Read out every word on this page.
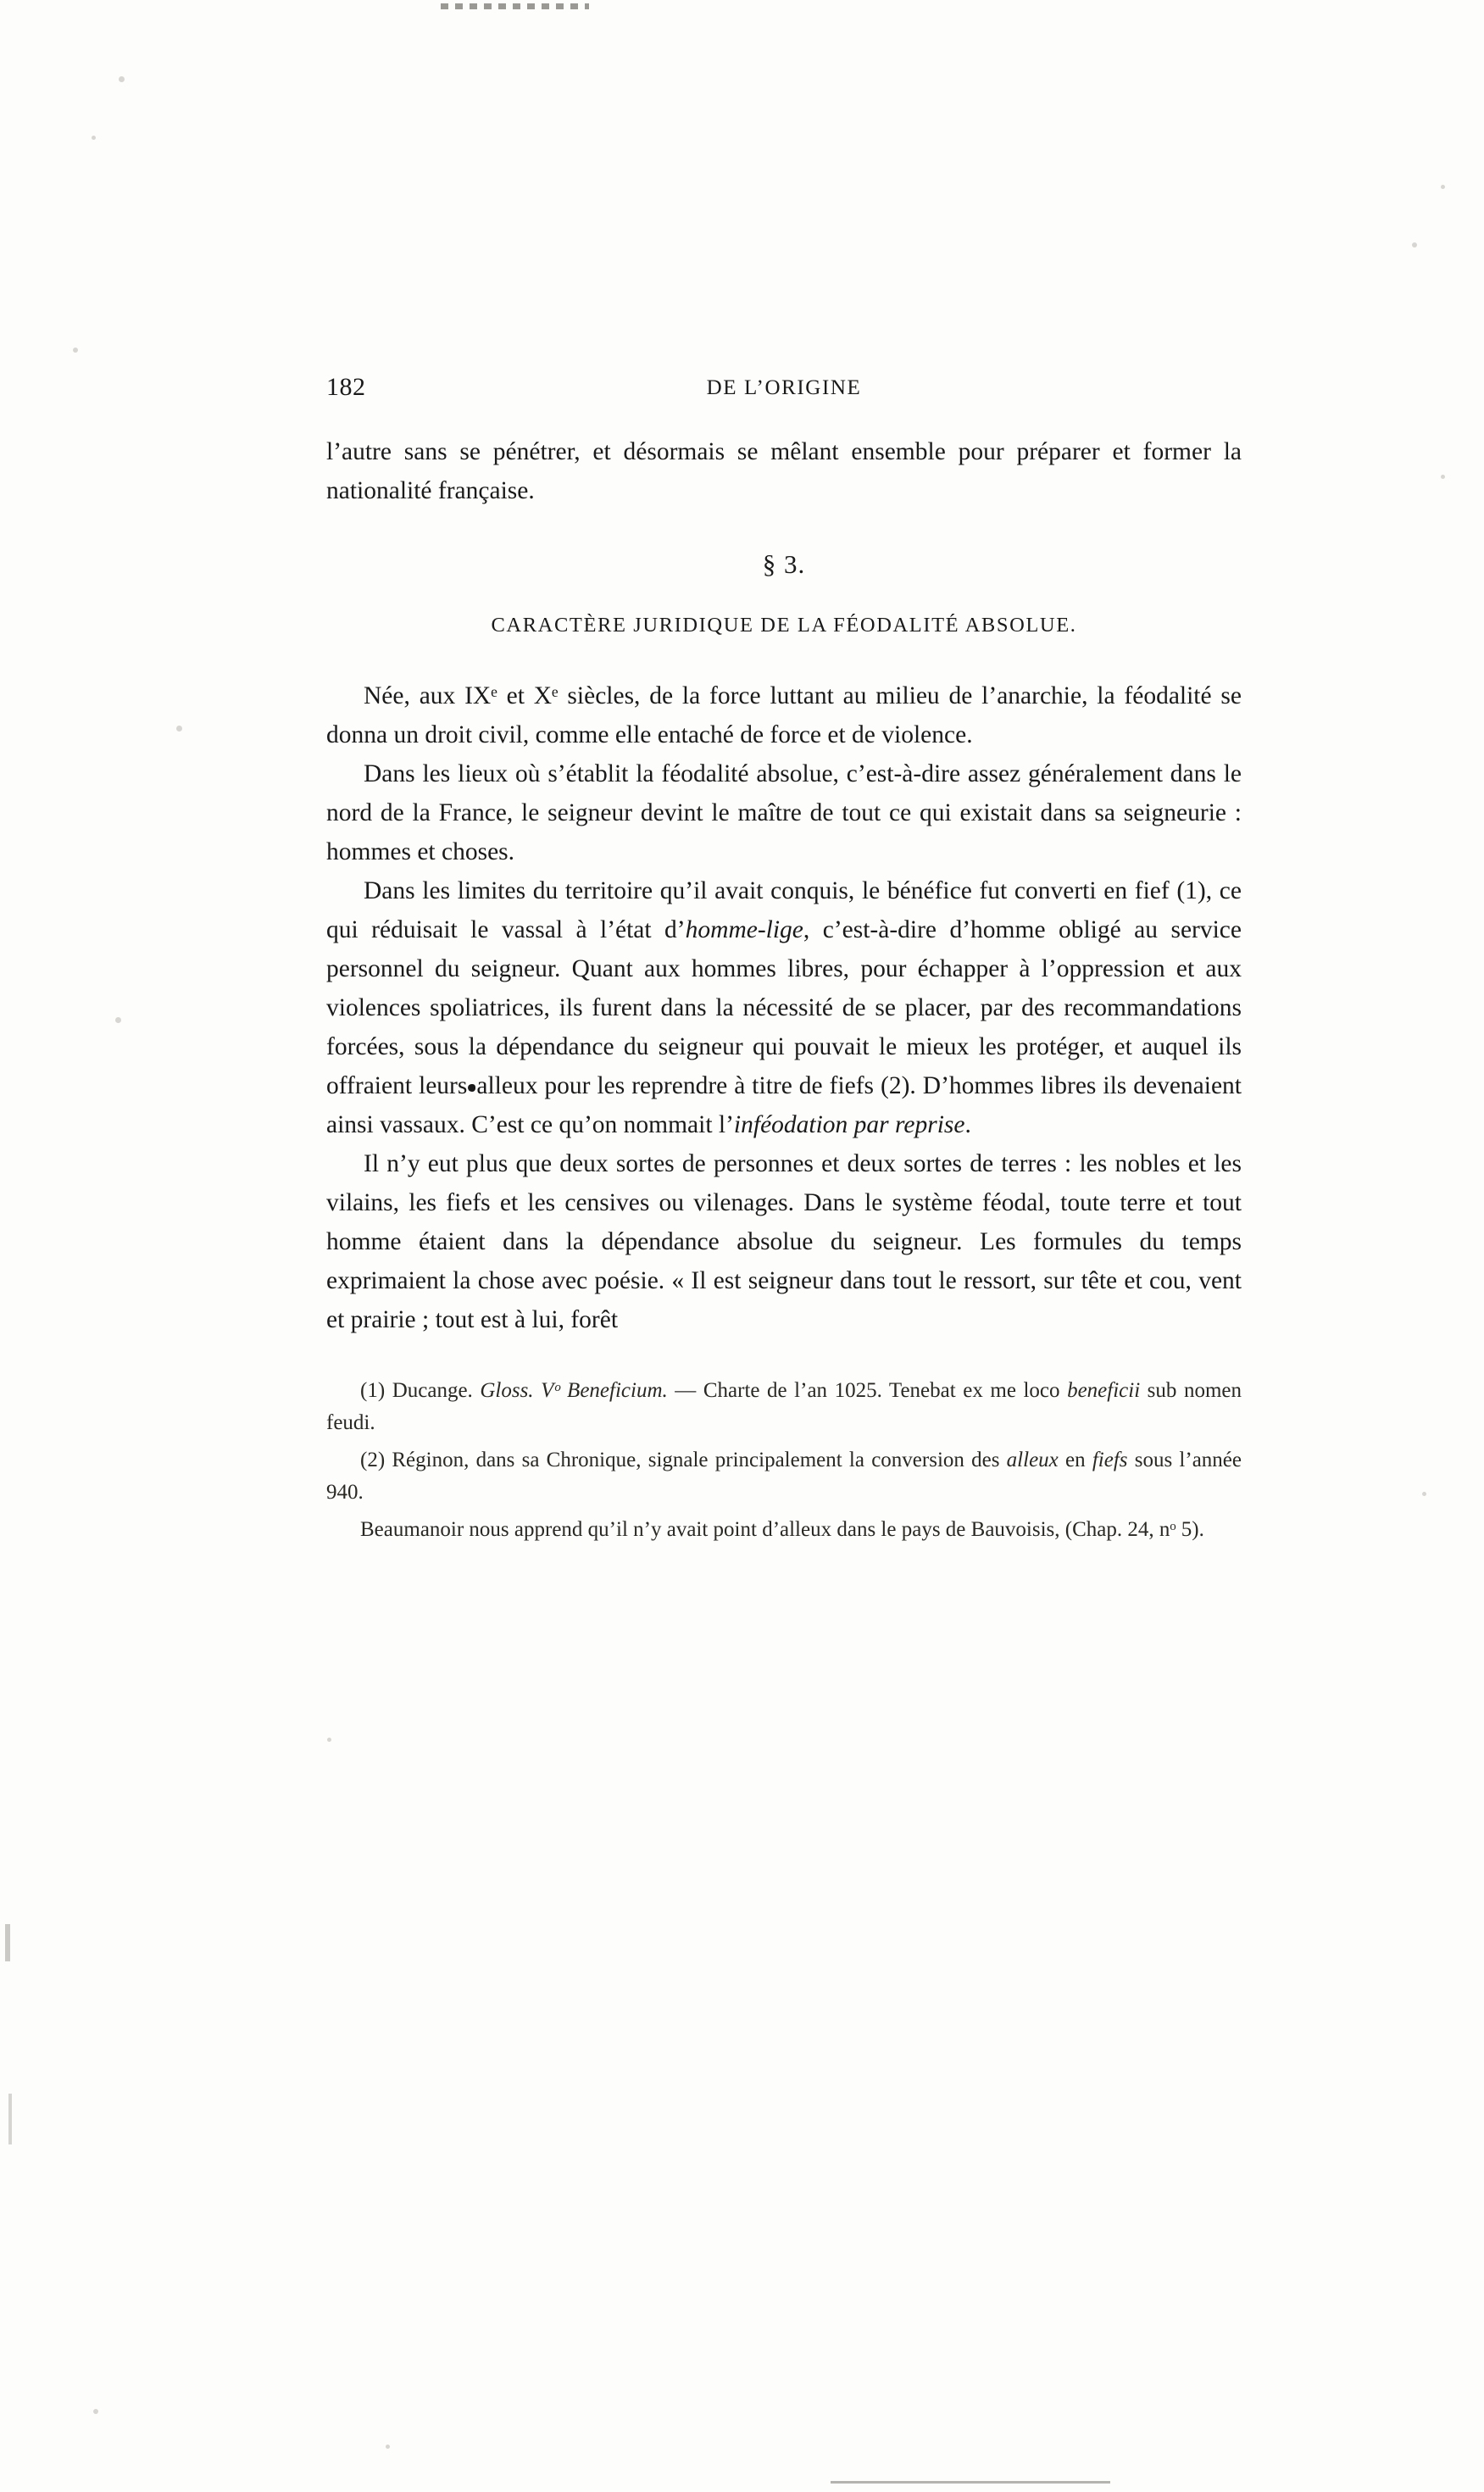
182	DE L’ORIGINE

l’autre sans se pénétrer, et désormais se mêlant ensemble pour préparer et former la nationalité française.

§ 3.
CARACTÈRE JURIDIQUE DE LA FÉODALITÉ ABSOLUE.

Née, aux IXᵉ et Xᵉ siècles, de la force luttant au milieu de l’anarchie, la féodalité se donna un droit civil, comme elle entaché de force et de violence.

Dans les lieux où s’établit la féodalité absolue, c’est-à-dire assez généralement dans le nord de la France, le seigneur devint le maître de tout ce qui existait dans sa seigneurie : hommes et choses.

Dans les limites du territoire qu’il avait conquis, le bénéfice fut converti en fief (1), ce qui réduisait le vassal à l’état d’homme-lige, c’est-à-dire d’homme obligé au service personnel du seigneur. Quant aux hommes libres, pour échapper à l’oppression et aux violences spoliatrices, ils furent dans la nécessité de se placer, par des recommandations forcées, sous la dépendance du seigneur qui pouvait le mieux les protéger, et auquel ils offraient leurs alleux pour les reprendre à titre de fiefs (2). D’hommes libres ils devenaient ainsi vassaux. C’est ce qu’on nommait l’inféodation par reprise.

Il n’y eut plus que deux sortes de personnes et deux sortes de terres : les nobles et les vilains, les fiefs et les censives ou vilenages. Dans le système féodal, toute terre et tout homme étaient dans la dépendance absolue du seigneur. Les formules du temps exprimaient la chose avec poésie. « Il est seigneur dans tout le ressort, sur tête et cou, vent et prairie ; tout est à lui, forêt

(1) Ducange. Gloss. Vᵒ Beneficium. — Charte de l’an 1025. Tenebat ex me loco beneficii sub nomen feudi.

(2) Réginon, dans sa Chronique, signale principalement la conversion des alleux en fiefs sous l’année 940.

Beaumanoir nous apprend qu’il n’y avait point d’alleux dans le pays de Bauvoisis, (Chap. 24, nᵒ 5).
